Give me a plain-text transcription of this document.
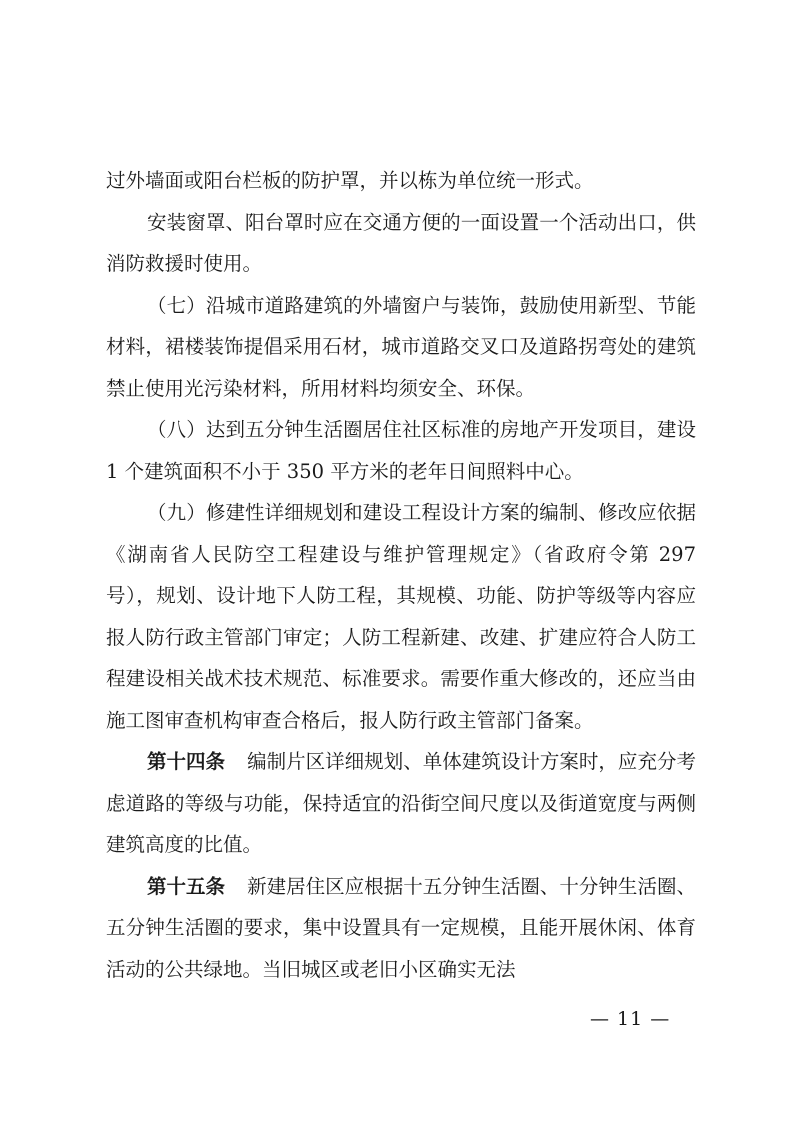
过外墙面或阳台栏板的防护罩，并以栋为单位统一形式。

安装窗罩、阳台罩时应在交通方便的一面设置一个活动出口，供消防救援时使用。

（七）沿城市道路建筑的外墙窗户与装饰，鼓励使用新型、节能材料，裙楼装饰提倡采用石材，城市道路交叉口及道路拐弯处的建筑禁止使用光污染材料，所用材料均须安全、环保。

（八）达到五分钟生活圈居住社区标准的房地产开发项目，建设 1 个建筑面积不小于 350 平方米的老年日间照料中心。

（九）修建性详细规划和建设工程设计方案的编制、修改应依据《湖南省人民防空工程建设与维护管理规定》（省政府令第 297 号），规划、设计地下人防工程，其规模、功能、防护等级等内容应报人防行政主管部门审定；人防工程新建、改建、扩建应符合人防工程建设相关战术技术规范、标准要求。需要作重大修改的，还应当由施工图审查机构审查合格后，报人防行政主管部门备案。

第十四条 编制片区详细规划、单体建筑设计方案时，应充分考虑道路的等级与功能，保持适宜的沿街空间尺度以及街道宽度与两侧建筑高度的比值。

第十五条 新建居住区应根据十五分钟生活圈、十分钟生活圈、五分钟生活圈的要求，集中设置具有一定规模，且能开展休闲、体育活动的公共绿地。当旧城区或老旧小区确实无法

— 11 —
